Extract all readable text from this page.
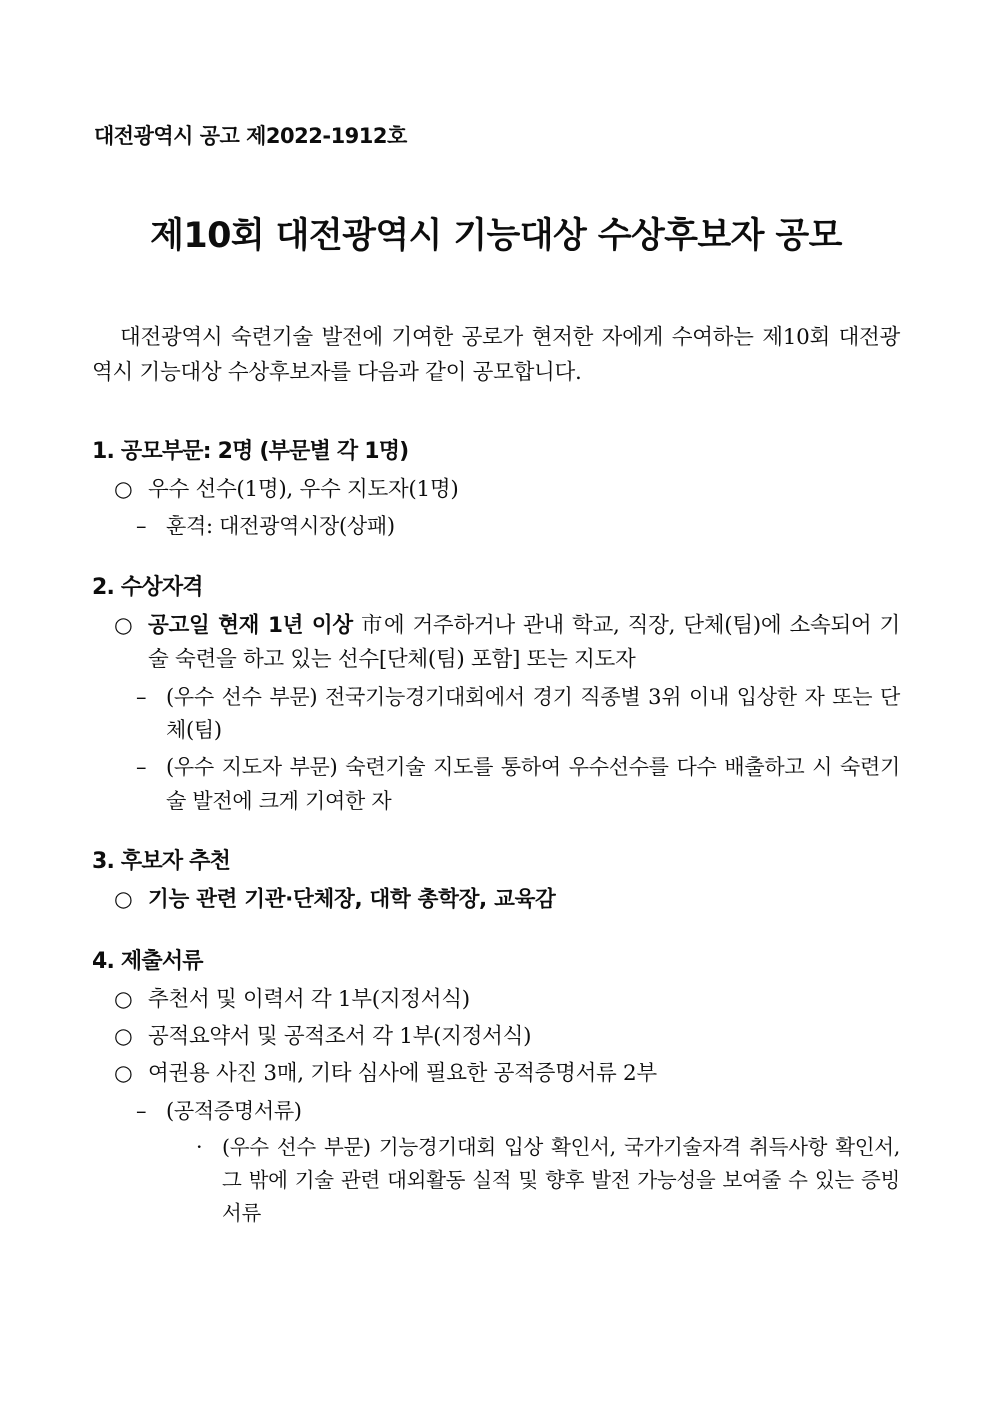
대전광역시 공고 제2022-1912호
제10회 대전광역시 기능대상 수상후보자 공모

대전광역시 숙련기술 발전에 기여한 공로가 현저한 자에게 수여하는 제10회 대전광역시 기능대상 수상후보자를 다음과 같이 공모합니다.

1. 공모부문: 2명 (부문별 각 1명)

○ 우수 선수(1명), 우수 지도자(1명)

– 훈격: 대전광역시장(상패)

2. 수상자격

○ 공고일 현재 1년 이상 市에 거주하거나 관내 학교, 직장, 단체(팀)에 소속되어 기술 숙련을 하고 있는 선수[단체(팀) 포함] 또는 지도자

– (우수 선수 부문) 전국기능경기대회에서 경기 직종별 3위 이내 입상한 자 또는 단체(팀)

– (우수 지도자 부문) 숙련기술 지도를 통하여 우수선수를 다수 배출하고 시 숙련기술 발전에 크게 기여한 자

3. 후보자 추천

○ 기능 관련 기관·단체장, 대학 총학장, 교육감

4. 제출서류

○ 추천서 및 이력서 각 1부(지정서식)

○ 공적요약서 및 공적조서 각 1부(지정서식)

○ 여권용 사진 3매, 기타 심사에 필요한 공적증명서류 2부

– (공적증명서류)

· (우수 선수 부문) 기능경기대회 입상 확인서, 국가기술자격 취득사항 확인서, 그 밖에 기술 관련 대외활동 실적 및 향후 발전 가능성을 보여줄 수 있는 증빙서류
